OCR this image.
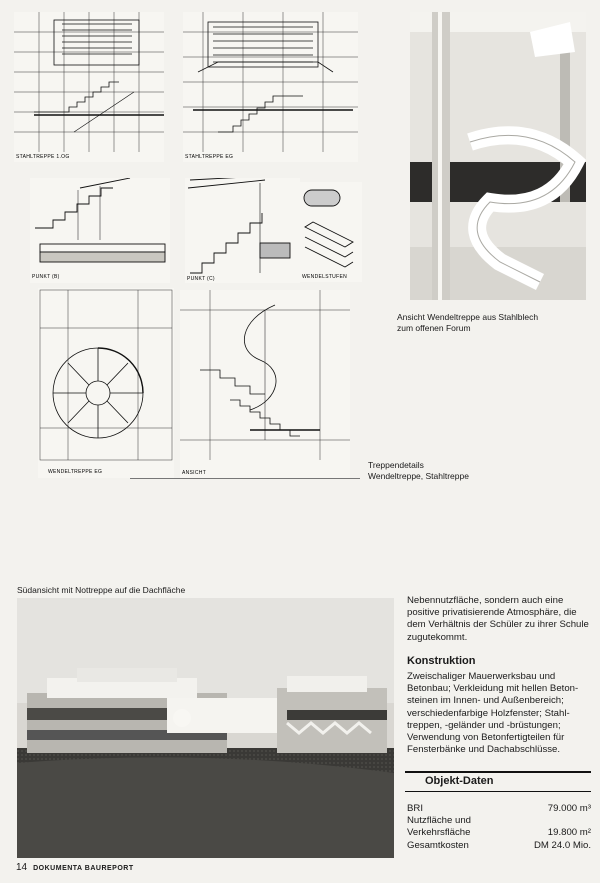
STAHLTREPPE 1.OG	STAHLTREPPE EG
PUNKT (B)	PUNKT (C)	WENDELSTUFEN
WENDELTREPPE EG	ANSICHT
Ansicht Wendeltreppe aus Stahlblech
zum offenen Forum
Treppendetails
Wendeltreppe, Stahltreppe
Südansicht mit Nottreppe auf die Dachfläche
Nebennutzfläche, sondern auch eine
positive privatisierende Atmosphäre, die
dem Verhältnis der Schüler zu ihrer Schule
zugutekommt.
Konstruktion
Zweischaliger Mauerwerksbau und
Betonbau; Verkleidung mit hellen Beton-
steinen im Innen- und Außenbereich;
verschiedenfarbige Holzfenster; Stahl-
treppen, -geländer und -brüstungen;
Verwendung von Betonfertigteilen für
Fensterbänke und Dachabschlüsse.
Objekt-Daten
BRI	79.000 m³
Nutzfläche und
Verkehrsfläche	19.800 m²
Gesamtkosten	DM 24.0 Mio.
14 DOKUMENTA BAUREPORT
